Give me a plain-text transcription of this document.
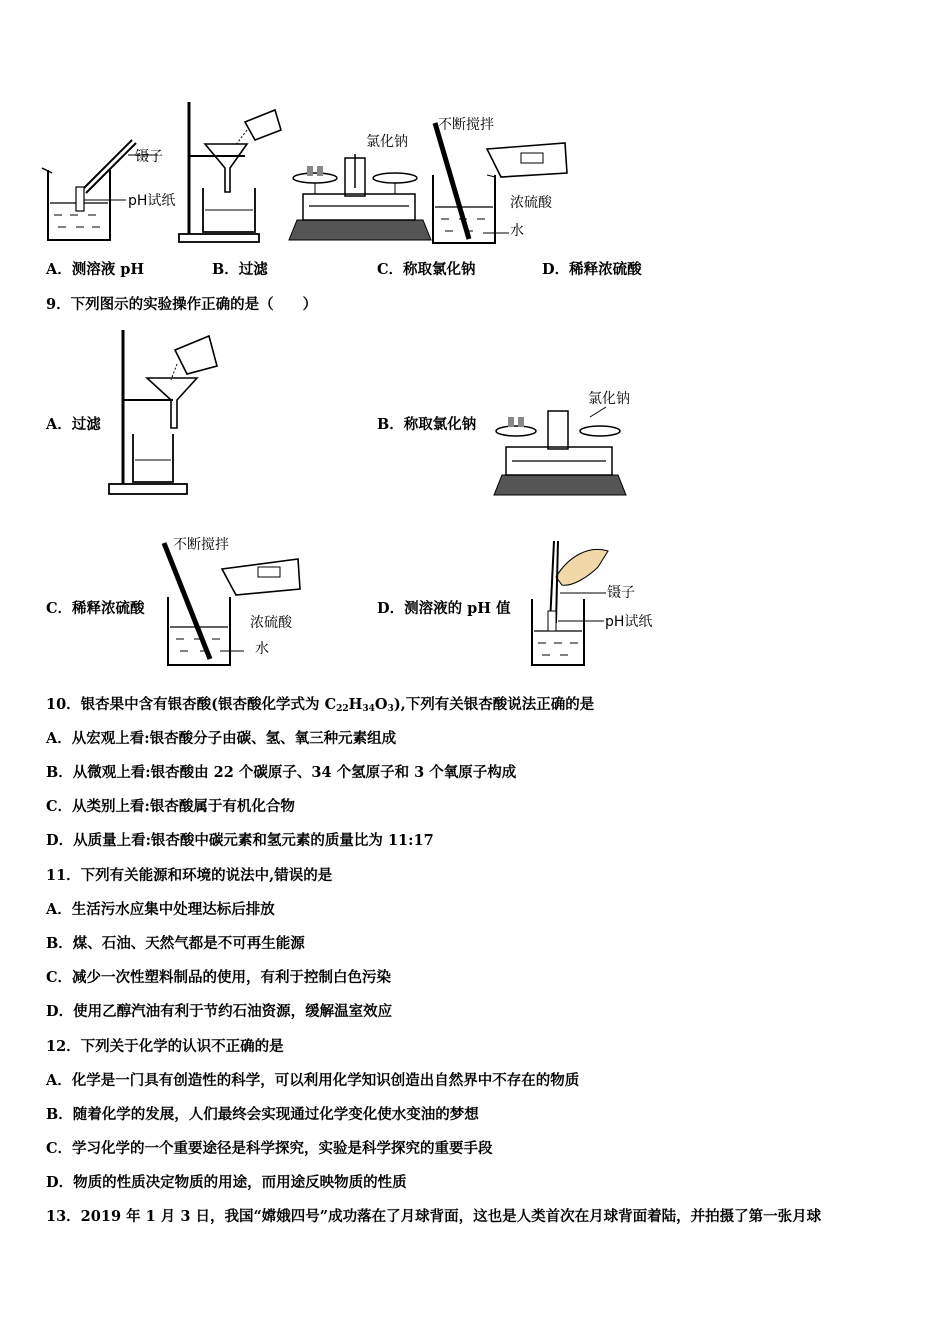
镊子
pH试纸
氯化钠
不断搅拌
浓硫酸
水
A．测溶液 pH	B．过滤	C．称取氯化钠	D．稀释浓硫酸
9．下列图示的实验操作正确的是（　　）
A．过滤	B．称取氯化钠
氯化钠
C．稀释浓硫酸
不断搅拌
浓硫酸
水
D．测溶液的 pH 值
镊子
pH试纸
10．银杏果中含有银杏酸(银杏酸化学式为 $C_{22}H_{34}O_3$),下列有关银杏酸说法正确的是
A．从宏观上看:银杏酸分子由碳、氢、氧三种元素组成
B．从微观上看:银杏酸由 22 个碳原子、34 个氢原子和 3 个氧原子构成
C．从类别上看:银杏酸属于有机化合物
D．从质量上看:银杏酸中碳元素和氢元素的质量比为 11:17
11．下列有关能源和环境的说法中,错误的是
A．生活污水应集中处理达标后排放
B．煤、石油、天然气都是不可再生能源
C．减少一次性塑料制品的使用，有利于控制白色污染
D．使用乙醇汽油有利于节约石油资源，缓解温室效应
12．下列关于化学的认识不正确的是
A．化学是一门具有创造性的科学，可以利用化学知识创造出自然界中不存在的物质
B．随着化学的发展，人们最终会实现通过化学变化使水变油的梦想
C．学习化学的一个重要途径是科学探究，实验是科学探究的重要手段
D．物质的性质决定物质的用途，而用途反映物质的性质
13．2019 年 1 月 3 日，我国“嫦娥四号”成功落在了月球背面，这也是人类首次在月球背面着陆，并拍摄了第一张月球
